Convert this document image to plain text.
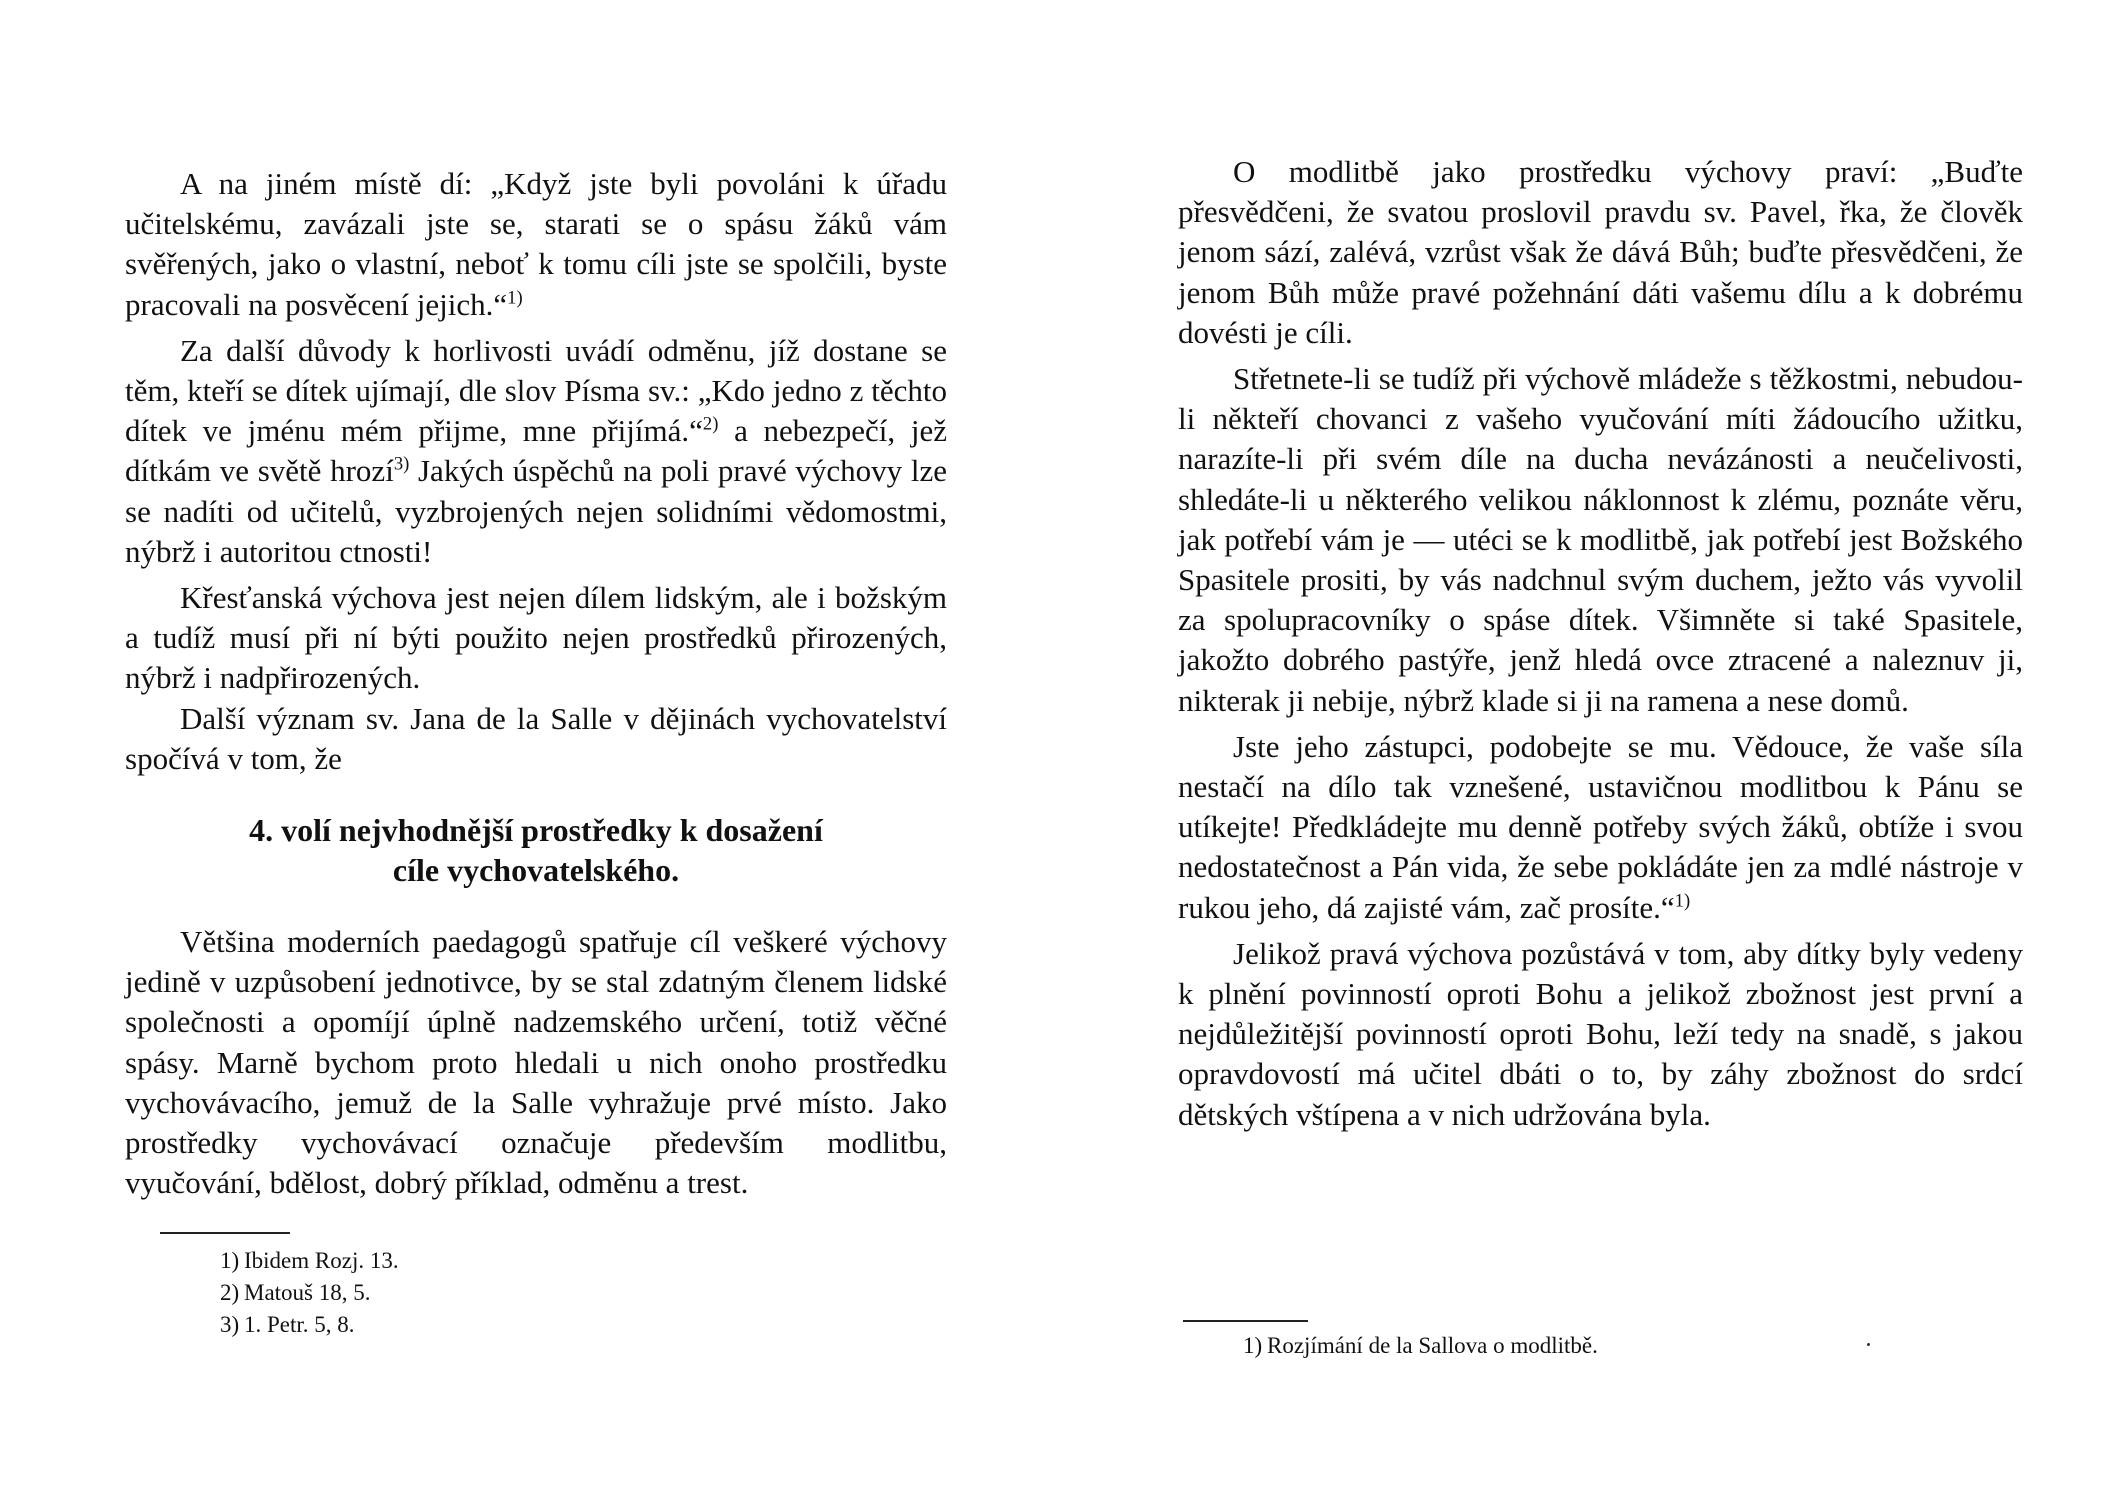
A na jiném místě dí: „Když jste byli povoláni k úřadu učitelskému, zavázali jste se, starati se o spásu žáků vám svěřených, jako o vlastní, neboť k tomu cíli jste se spolčili, byste pracovali na posvěcení jejich.“$^{1)}$

Za další důvody k horlivosti uvádí odměnu, jíž dostane se těm, kteří se dítek ujímají, dle slov Písma sv.: „Kdo jedno z těchto dítek ve jménu mém přijme, mne přijímá.“$^{2)}$ a nebezpečí, jež dítkám ve světě hrozí$^{3)}$ Jakých úspěchů na poli pravé výchovy lze se nadíti od učitelů, vyzbrojených nejen solidními vědomostmi, nýbrž i autoritou ctnosti!

Křesťanská výchova jest nejen dílem lidským, ale i božským a tudíž musí při ní býti použito nejen prostředků přirozených, nýbrž i nadpřirozených.

Další význam sv. Jana de la Salle v dějinách vychovatelství spočívá v tom, že

4. volí nejvhodnější prostředky k dosažení

cíle vychovatelského.

Většina moderních paedagogů spatřuje cíl veškeré výchovy jedině v uzpůsobení jednotivce, by se stal zdatným členem lidské společnosti a opomíjí úplně nadzemského určení, totiž věčné spásy. Marně bychom proto hledali u nich onoho prostředku vychovávacího, jemuž de la Salle vyhražuje prvé místo. Jako prostředky vychovávací označuje především modlitbu, vyučování, bdělost, dobrý příklad, odměnu a trest.

1) Ibidem Rozj. 13.

2) Matouš 18, 5.

3) 1. Petr. 5, 8.

O modlitbě jako prostředku výchovy praví: „Buďte přesvědčeni, že svatou proslovil pravdu sv. Pavel, řka, že člověk jenom sází, zalévá, vzrůst však že dává Bůh; buďte přesvědčeni, že jenom Bůh může pravé požehnání dáti vašemu dílu a k dobrému dovésti je cíli.

Střetnete-li se tudíž při výchově mládeže s těžkostmi, nebudou-li někteří chovanci z vašeho vyučování míti žádoucího užitku, narazíte-li při svém díle na ducha nevázánosti a neučelivosti, shledáte-li u některého velikou náklonnost k zlému, poznáte věru, jak potřebí vám je — utéci se k modlitbě, jak potřebí jest Božského Spasitele prositi, by vás nadchnul svým duchem, ježto vás vyvolil za spolupracovníky o spáse dítek. Všimněte si také Spasitele, jakožto dobrého pastýře, jenž hledá ovce ztracené a naleznuv ji, nikterak ji nebije, nýbrž klade si ji na ramena a nese domů.

Jste jeho zástupci, podobejte se mu. Vědouce, že vaše síla nestačí na dílo tak vznešené, ustavičnou modlitbou k Pánu se utíkejte! Předkládejte mu denně potřeby svých žáků, obtíže i svou nedostatečnost a Pán vida, že sebe pokládáte jen za mdlé nástroje v rukou jeho, dá zajisté vám, zač prosíte.“$^{1)}$

Jelikož pravá výchova pozůstává v tom, aby dítky byly vedeny k plnění povinností oproti Bohu a jelikož zbožnost jest první a nejdůležitější povinností oproti Bohu, leží tedy na snadě, s jakou opravdovostí má učitel dbáti o to, by záhy zbožnost do srdcí dětských vštípena a v nich udržována byla.

1) Rozjímání de la Sallova o modlitbě.
